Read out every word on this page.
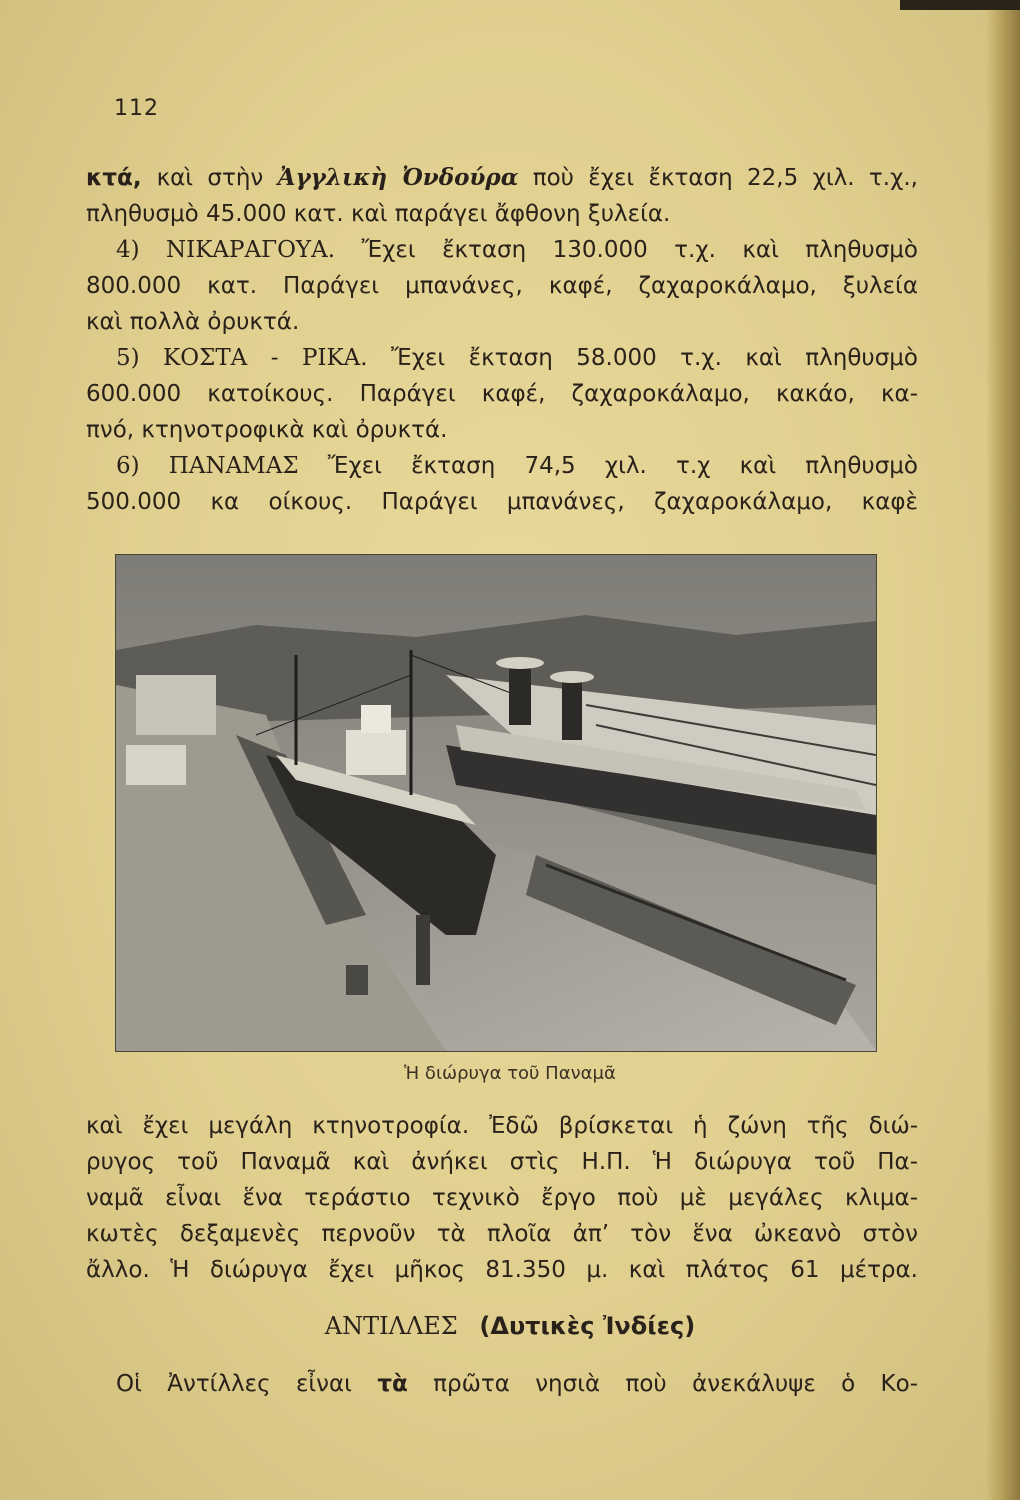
112
κτά, καὶ στὴν Ἀγγλικὴ Ὀνδούρα ποὺ ἔχει ἔκταση 22,5 χιλ. τ.χ.,
πληθυσμὸ 45.000 κατ. καὶ παράγει ἄφθονη ξυλεία.
4) ΝΙΚΑΡΑΓΟΥΑ. Ἔχει ἔκταση 130.000 τ.χ. καὶ πληθυσμὸ
800.000 κατ. Παράγει μπανάνες, καφέ, ζαχαροκάλαμο, ξυλεία
καὶ πολλὰ ὀρυκτά.
5) ΚΟΣΤΑ - ΡΙΚΑ. Ἔχει ἔκταση 58.000 τ.χ. καὶ πληθυσμὸ
600.000 κατοίκους. Παράγει καφέ, ζαχαροκάλαμο, κακάο, κα-
πνό, κτηνοτροφικὰ καὶ ὀρυκτά.
6) ΠΑΝΑΜΑΣ Ἔχει ἔκταση 74,5 χιλ. τ.χ καὶ πληθυσμὸ
500.000 κα οίκους. Παράγει μπανάνες, ζαχαροκάλαμο, καφὲ
Ἡ διώρυγα τοῦ Παναμᾶ
καὶ ἔχει μεγάλη κτηνοτροφία. Ἐδῶ βρίσκεται ἡ ζώνη τῆς διώ-
ρυγος τοῦ Παναμᾶ καὶ ἀνήκει στὶς Η.Π. Ἡ διώρυγα τοῦ Πα-
ναμᾶ εἶναι ἕνα τεράστιο τεχνικὸ ἔργο ποὺ μὲ μεγάλες κλιμα-
κωτὲς δεξαμενὲς περνοῦν τὰ πλοῖα ἀπ’ τὸν ἕνα ὠκεανὸ στὸν
ἄλλο. Ἡ διώρυγα ἔχει μῆκος 81.350 μ. καὶ πλάτος 61 μέτρα.
ΑΝΤΙΛΛΕΣ (Δυτικὲς Ἰνδίες)
Οἱ Ἀντίλλες εἶναι τὰ πρῶτα νησιὰ ποὺ ἀνεκάλυψε ὁ Κο-
